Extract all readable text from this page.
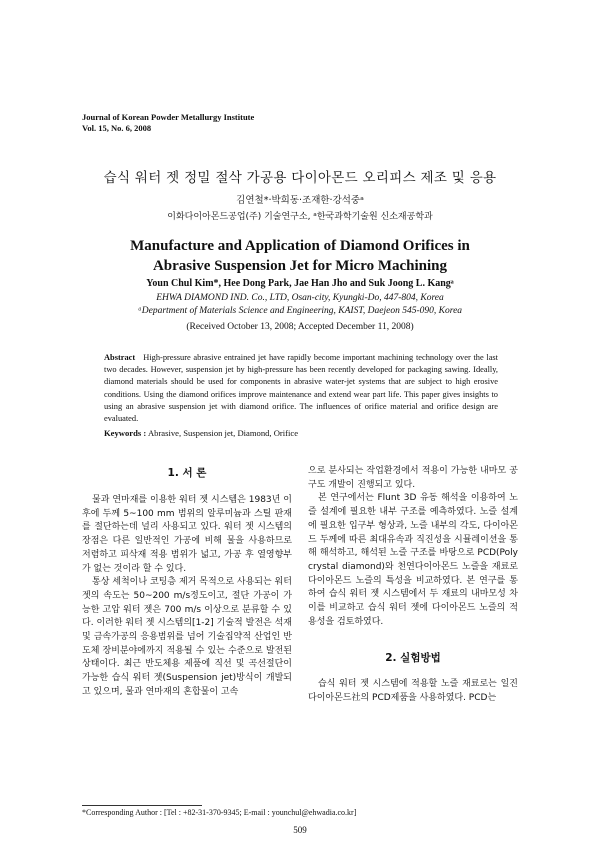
Journal of Korean Powder Metallurgy Institute
Vol. 15, No. 6, 2008
습식 워터 젯 정밀 절삭 가공용 다이아몬드 오리피스 제조 및 응용
김연철*·박희동·조재한·강석중ᵃ
이화다이아몬드공업(주) 기술연구소, ᵃ한국과학기술원 신소재공학과
Manufacture and Application of Diamond Orifices in
Abrasive Suspension Jet for Micro Machining
Youn Chul Kim*, Hee Dong Park, Jae Han Jho and Suk Joong L. Kangᵃ
EHWA DIAMOND IND. Co., LTD, Osan-city, Kyungki-Do, 447-804, Korea
ᵃDepartment of Materials Science and Engineering, KAIST, Daejeon 545-090, Korea
(Received October 13, 2008; Accepted December 11, 2008)
Abstract High-pressure abrasive entrained jet have rapidly become important machining technology over the last two decades. However, suspension jet by high-pressure has been recently developed for packaging sawing. Ideally, diamond materials should be used for components in abrasive water-jet systems that are subject to high erosive conditions. Using the diamond orifices improve maintenance and extend wear part life. This paper gives insights to using an abrasive suspension jet with diamond orifice. The influences of orifice material and orifice design are evaluated.
Keywords : Abrasive, Suspension jet, Diamond, Orifice
1. 서 론

물과 연마재를 이용한 워터 젯 시스템은 1983년 이후에 두께 5~100 mm 범위의 알루미늄과 스틸 판재를 절단하는데 널리 사용되고 있다. 워터 젯 시스템의 장점은 다른 일반적인 가공에 비해 물을 사용하므로 저렴하고 피삭재 적용 범위가 넓고, 가공 후 열영향부가 없는 것이라 할 수 있다.

통상 세척이나 코팅층 제거 목적으로 사용되는 워터 젯의 속도는 50~200 m/s정도이고, 절단 가공이 가능한 고압 워터 젯은 700 m/s 이상으로 분류할 수 있다. 이러한 워터 젯 시스템의[1-2] 기술적 발전은 석재 및 금속가공의 응용범위를 넘어 기술집약적 산업인 반도체 장비분야에까지 적용될 수 있는 수준으로 발전된 상태이다. 최근 반도체용 제품에 직선 및 곡선절단이 가능한 습식 워터 젯(Suspension jet)방식이 개발되고 있으며, 물과 연마재의 혼합물이 고속

으로 분사되는 작업환경에서 적용이 가능한 내마모 공구도 개발이 진행되고 있다.

본 연구에서는 Flunt 3D 유동 해석을 이용하여 노즐 설계에 필요한 내부 구조를 예측하였다. 노즐 설계에 필요한 입구부 형상과, 노즐 내부의 각도, 다이아몬드 두께에 따른 최대유속과 직진성을 시뮬레이션을 통해 해석하고, 해석된 노즐 구조를 바탕으로 PCD(Poly crystal diamond)와 천연다이아몬드 노즐을 재료로 다이아몬드 노즐의 특성을 비교하였다. 본 연구를 통하여 습식 워터 젯 시스템에서 두 재료의 내마모성 차이를 비교하고 습식 워터 젯에 다이아몬드 노즐의 적용성을 검토하였다.

2. 실험방법

습식 워터 젯 시스템에 적용할 노즐 재료로는 일진다이아몬드社의 PCD제품을 사용하였다. PCD는

*Corresponding Author : [Tel : +82-31-370-9345; E-mail : younchul@ehwadia.co.kr]
509
